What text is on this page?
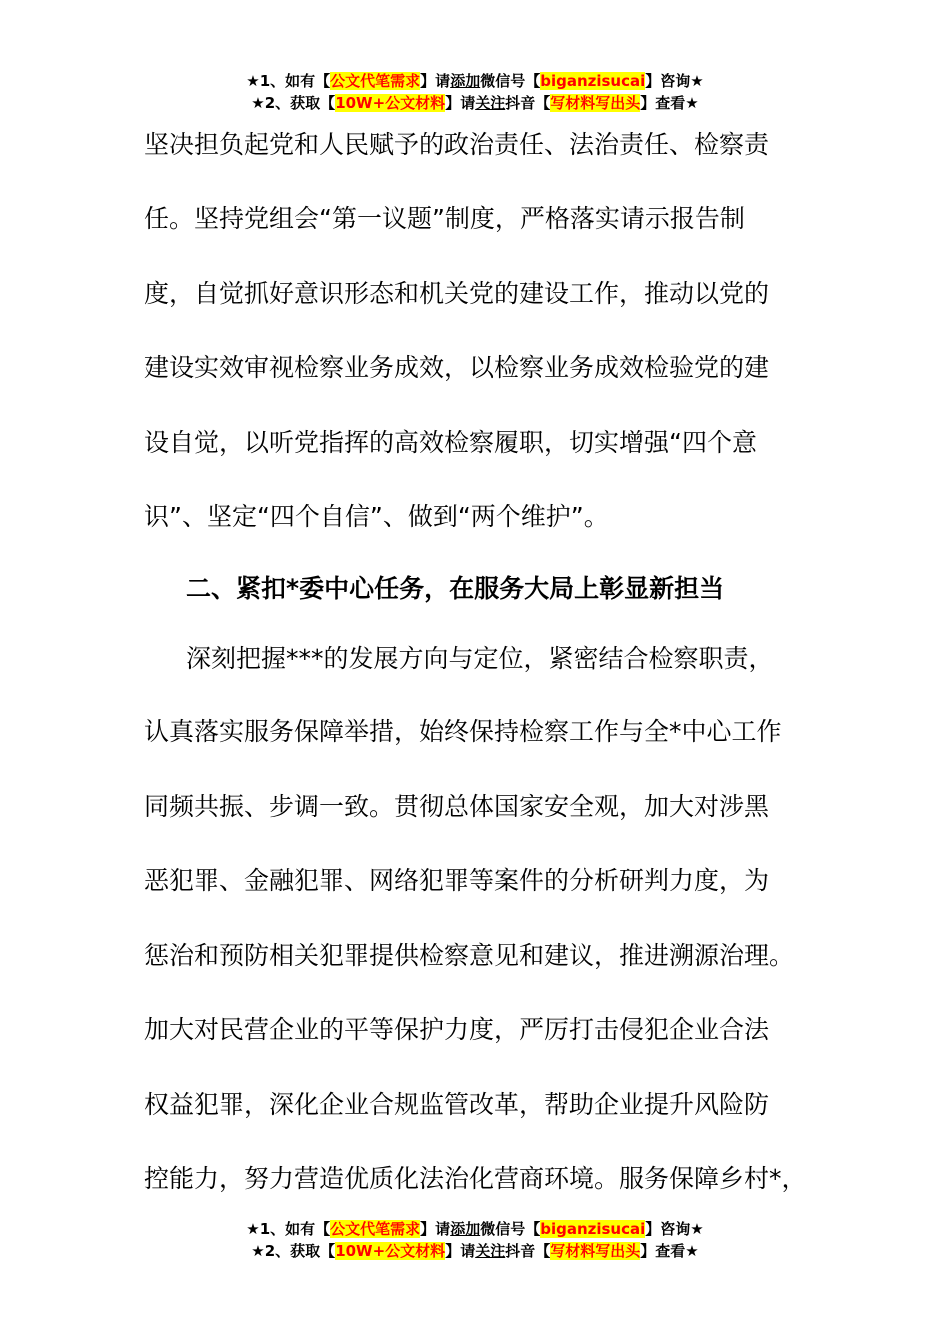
★1、如有【公文代笔需求】请添加微信号【biganzisucai】咨询★
★2、获取【10W+公文材料】请关注抖音【写材料写出头】查看★
坚决担负起党和人民赋予的政治责任、法治责任、检察责
任。坚持党组会“第一议题”制度，严格落实请示报告制
度，自觉抓好意识形态和机关党的建设工作，推动以党的
建设实效审视检察业务成效，以检察业务成效检验党的建
设自觉，以听党指挥的高效检察履职，切实增强“四个意
识”、坚定“四个自信”、做到“两个维护”。
二、紧扣*委中心任务，在服务大局上彰显新担当
深刻把握***的发展方向与定位，紧密结合检察职责，
认真落实服务保障举措，始终保持检察工作与全*中心工作
同频共振、步调一致。贯彻总体国家安全观，加大对涉黑
恶犯罪、金融犯罪、网络犯罪等案件的分析研判力度，为
惩治和预防相关犯罪提供检察意见和建议，推进溯源治理。
加大对民营企业的平等保护力度，严厉打击侵犯企业合法
权益犯罪，深化企业合规监管改革，帮助企业提升风险防
控能力，努力营造优质化法治化营商环境。服务保障乡村*，
★1、如有【公文代笔需求】请添加微信号【biganzisucai】咨询★
★2、获取【10W+公文材料】请关注抖音【写材料写出头】查看★
